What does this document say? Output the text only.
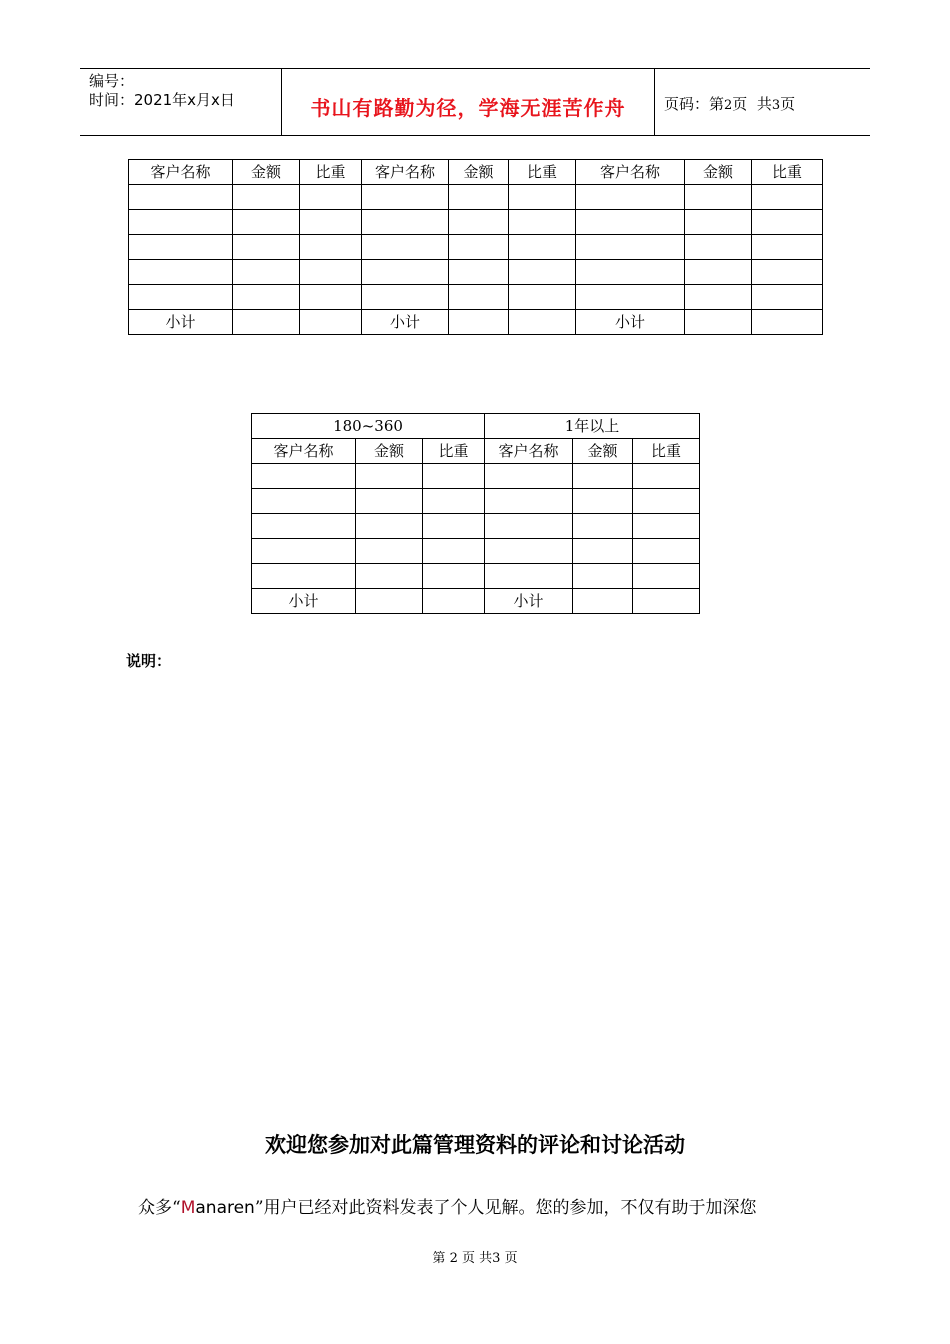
编号：
时间：2021年x月x日	书山有路勤为径，学海无涯苦作舟	页码：第2页  共3页
客户名称	金额	比重	客户名称	金额	比重	客户名称	金额	比重

小计			小计			小计		
180~360			1年以上		
客户名称	金额	比重	客户名称	金额	比重

小计			小计		
说明：
欢迎您参加对此篇管理资料的评论和讨论活动
众多“Manaren”用户已经对此资料发表了个人见解。您的参加，不仅有助于加深您
第 2 页 共3 页
